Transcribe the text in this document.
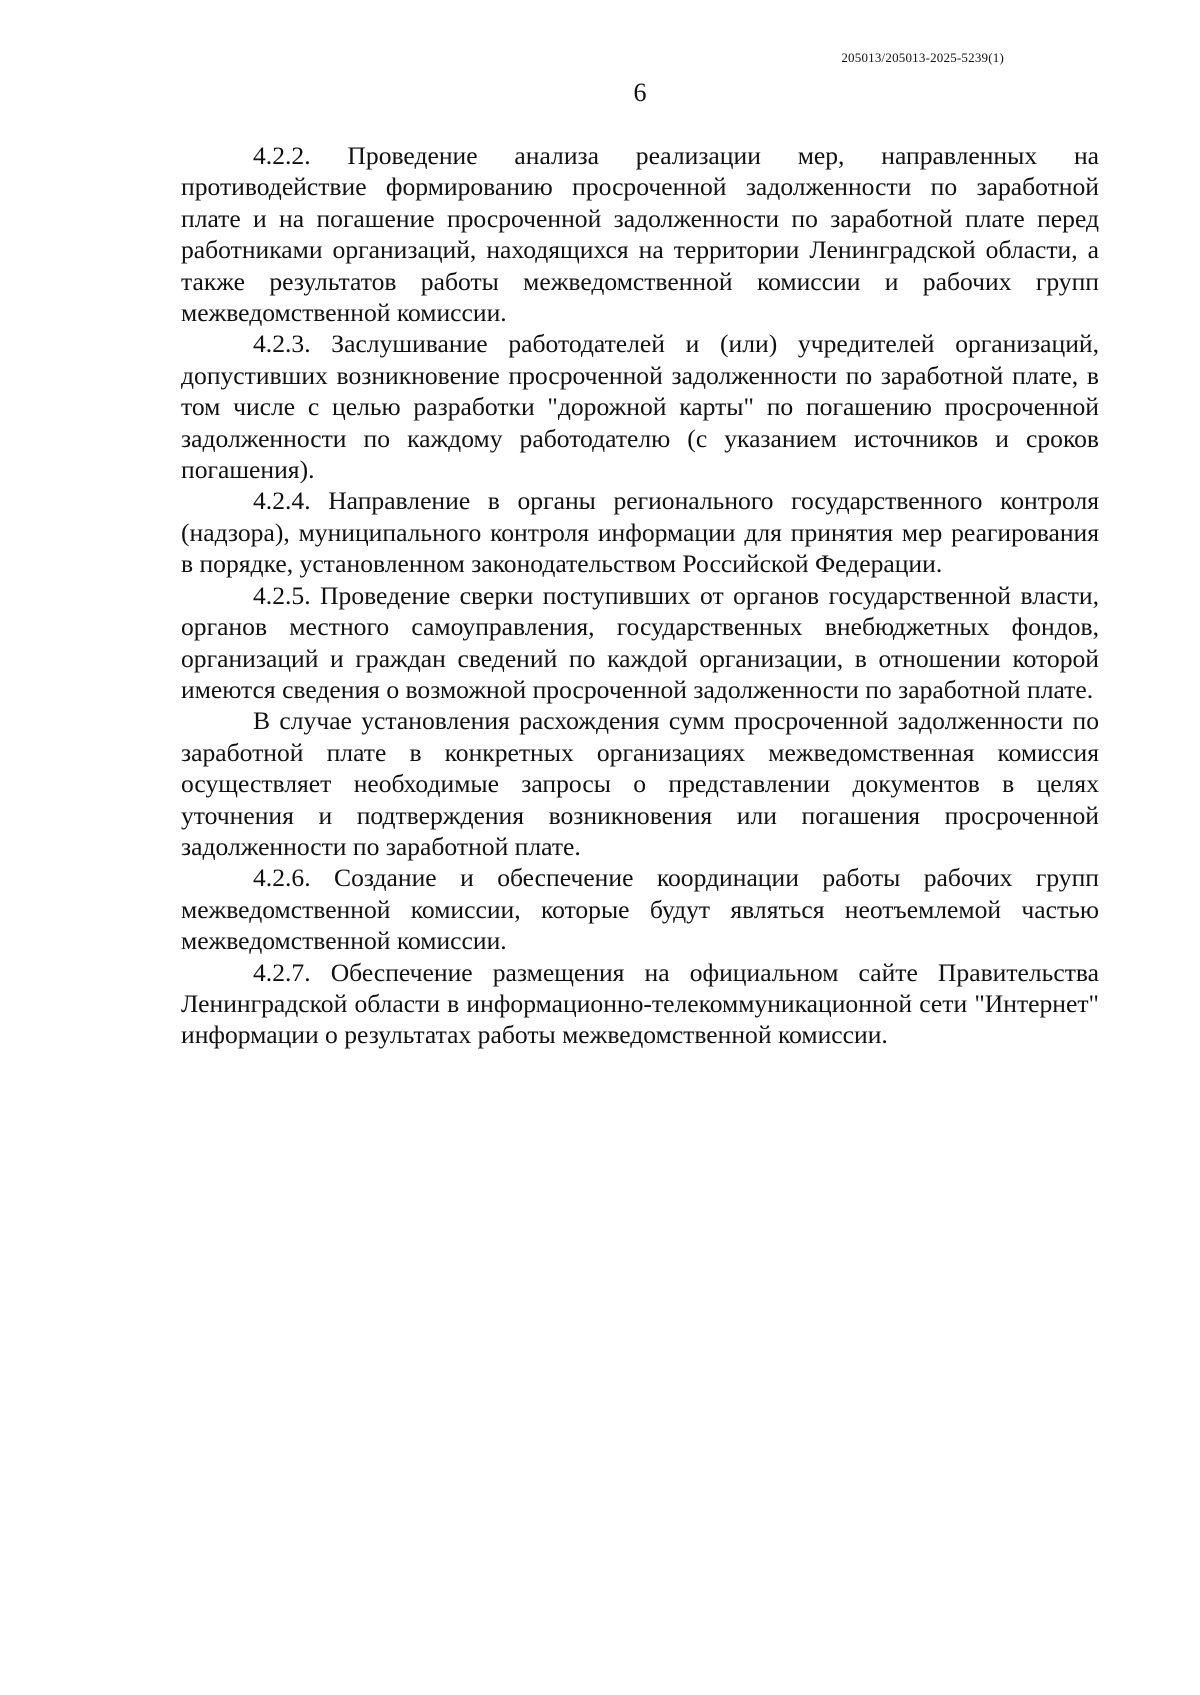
205013/205013-2025-5239(1)
6

4.2.2. Проведение анализа реализации мер, направленных на противодействие формированию просроченной задолженности по заработной плате и на погашение просроченной задолженности по заработной плате перед работниками организаций, находящихся на территории Ленинградской области, а также результатов работы межведомственной комиссии и рабочих групп межведомственной комиссии.

4.2.3. Заслушивание работодателей и (или) учредителей организаций, допустивших возникновение просроченной задолженности по заработной плате, в том числе с целью разработки "дорожной карты" по погашению просроченной задолженности по каждому работодателю (с указанием источников и сроков погашения).

4.2.4. Направление в органы регионального государственного контроля (надзора), муниципального контроля информации для принятия мер реагирования в порядке, установленном законодательством Российской Федерации.

4.2.5. Проведение сверки поступивших от органов государственной власти, органов местного самоуправления, государственных внебюджетных фондов, организаций и граждан сведений по каждой организации, в отношении которой имеются сведения о возможной просроченной задолженности по заработной плате.

В случае установления расхождения сумм просроченной задолженности по заработной плате в конкретных организациях межведомственная комиссия осуществляет необходимые запросы о представлении документов в целях уточнения и подтверждения возникновения или погашения просроченной задолженности по заработной плате.

4.2.6. Создание и обеспечение координации работы рабочих групп межведомственной комиссии, которые будут являться неотъемлемой частью межведомственной комиссии.

4.2.7. Обеспечение размещения на официальном сайте Правительства Ленинградской области в информационно-телекоммуникационной сети "Интернет" информации о результатах работы межведомственной комиссии.
